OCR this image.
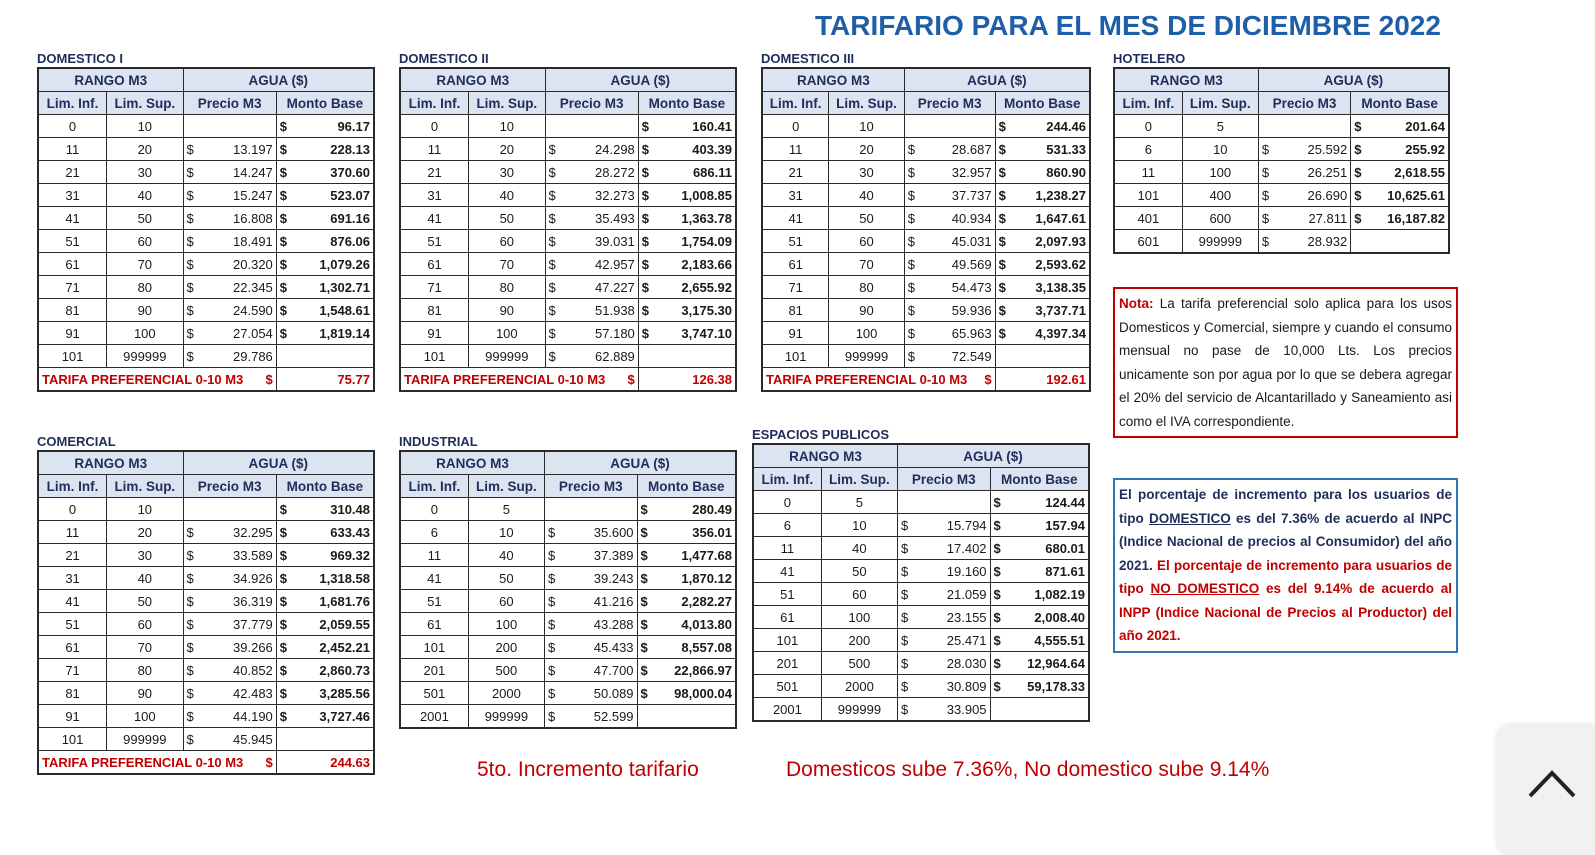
TARIFARIO PARA EL MES DE DICIEMBRE 2022
DOMESTICO I
RANGO M3		AGUA ($)	
Lim. Inf.	Lim. Sup.	Precio M3	Monto Base
0	10		$ 96.17

11	20	$ 13.197	$ 228.13

21	30	$ 14.247	$ 370.60

31	40	$ 15.247	$ 523.07

41	50	$ 16.808	$ 691.16

51	60	$ 18.491	$ 876.06

61	70	$ 20.320	$ 1,079.26

71	80	$ 22.345	$ 1,302.71

81	90	$ 24.590	$ 1,548.61

91	100	$ 27.054	$ 1,819.14

101	999999	$ 29.786	

TARIFA PREFERENCIAL 0-10 M3 $			75.77
DOMESTICO II
RANGO M3		AGUA ($)	
Lim. Inf.	Lim. Sup.	Precio M3	Monto Base
0	10		$ 160.41

11	20	$ 24.298	$ 403.39

21	30	$ 28.272	$ 686.11

31	40	$ 32.273	$ 1,008.85

41	50	$ 35.493	$ 1,363.78

51	60	$ 39.031	$ 1,754.09

61	70	$ 42.957	$ 2,183.66

71	80	$ 47.227	$ 2,655.92

81	90	$ 51.938	$ 3,175.30

91	100	$ 57.180	$ 3,747.10

101	999999	$ 62.889	

TARIFA PREFERENCIAL 0-10 M3 $			126.38
DOMESTICO III
RANGO M3		AGUA ($)	
Lim. Inf.	Lim. Sup.	Precio M3	Monto Base
0	10		$ 244.46

11	20	$ 28.687	$ 531.33

21	30	$ 32.957	$ 860.90

31	40	$ 37.737	$ 1,238.27

41	50	$ 40.934	$ 1,647.61

51	60	$ 45.031	$ 2,097.93

61	70	$ 49.569	$ 2,593.62

71	80	$ 54.473	$ 3,138.35

81	90	$ 59.936	$ 3,737.71

91	100	$ 65.963	$ 4,397.34

101	999999	$ 72.549	

TARIFA PREFERENCIAL 0-10 M3 $			192.61
HOTELERO
RANGO M3		AGUA ($)	
Lim. Inf.	Lim. Sup.	Precio M3	Monto Base
0	5		$ 201.64

6	10	$ 25.592	$ 255.92

11	100	$ 26.251	$ 2,618.55

101	400	$ 26.690	$ 10,625.61

401	600	$ 27.811	$ 16,187.82

601	999999	$ 28.932	

COMERCIAL
RANGO M3		AGUA ($)	
Lim. Inf.	Lim. Sup.	Precio M3	Monto Base
0	10		$ 310.48

11	20	$ 32.295	$ 633.43

21	30	$ 33.589	$ 969.32

31	40	$ 34.926	$ 1,318.58

41	50	$ 36.319	$ 1,681.76

51	60	$ 37.779	$ 2,059.55

61	70	$ 39.266	$ 2,452.21

71	80	$ 40.852	$ 2,860.73

81	90	$ 42.483	$ 3,285.56

91	100	$ 44.190	$ 3,727.46

101	999999	$ 45.945	

TARIFA PREFERENCIAL 0-10 M3 $			244.63
INDUSTRIAL
RANGO M3		AGUA ($)	
Lim. Inf.	Lim. Sup.	Precio M3	Monto Base
0	5		$ 280.49

6	10	$ 35.600	$ 356.01

11	40	$ 37.389	$ 1,477.68

41	50	$ 39.243	$ 1,870.12

51	60	$ 41.216	$ 2,282.27

61	100	$ 43.288	$ 4,013.80

101	200	$ 45.433	$ 8,557.08

201	500	$ 47.700	$ 22,866.97

501	2000	$ 50.089	$ 98,000.04

2001	999999	$ 52.599	

ESPACIOS PUBLICOS
RANGO M3		AGUA ($)	
Lim. Inf.	Lim. Sup.	Precio M3	Monto Base
0	5		$ 124.44

6	10	$ 15.794	$ 157.94

11	40	$ 17.402	$ 680.01

41	50	$ 19.160	$ 871.61

51	60	$ 21.059	$ 1,082.19

61	100	$ 23.155	$ 2,008.40

101	200	$ 25.471	$ 4,555.51

201	500	$ 28.030	$ 12,964.64

501	2000	$ 30.809	$ 59,178.33

2001	999999	$ 33.905	

Nota: La tarifa preferencial solo aplica para los usos Domesticos y Comercial, siempre y cuando el consumo mensual no pase de 10,000 Lts. Los precios unicamente son por agua por lo que se debera agregar el 20% del servicio de Alcantarillado y Saneamiento asi como el IVA correspondiente.
El porcentaje de incremento para los usuarios de tipo DOMESTICO es del 7.36% de acuerdo al INPC (Indice Nacional de precios al Consumidor) del año 2021. El porcentaje de incremento para usuarios de tipo NO DOMESTICO es del 9.14% de acuerdo al INPP (Indice Nacional de Precios al Productor) del año 2021.
5to. Incremento tarifario	Domesticos sube 7.36%, No domestico sube 9.14%
